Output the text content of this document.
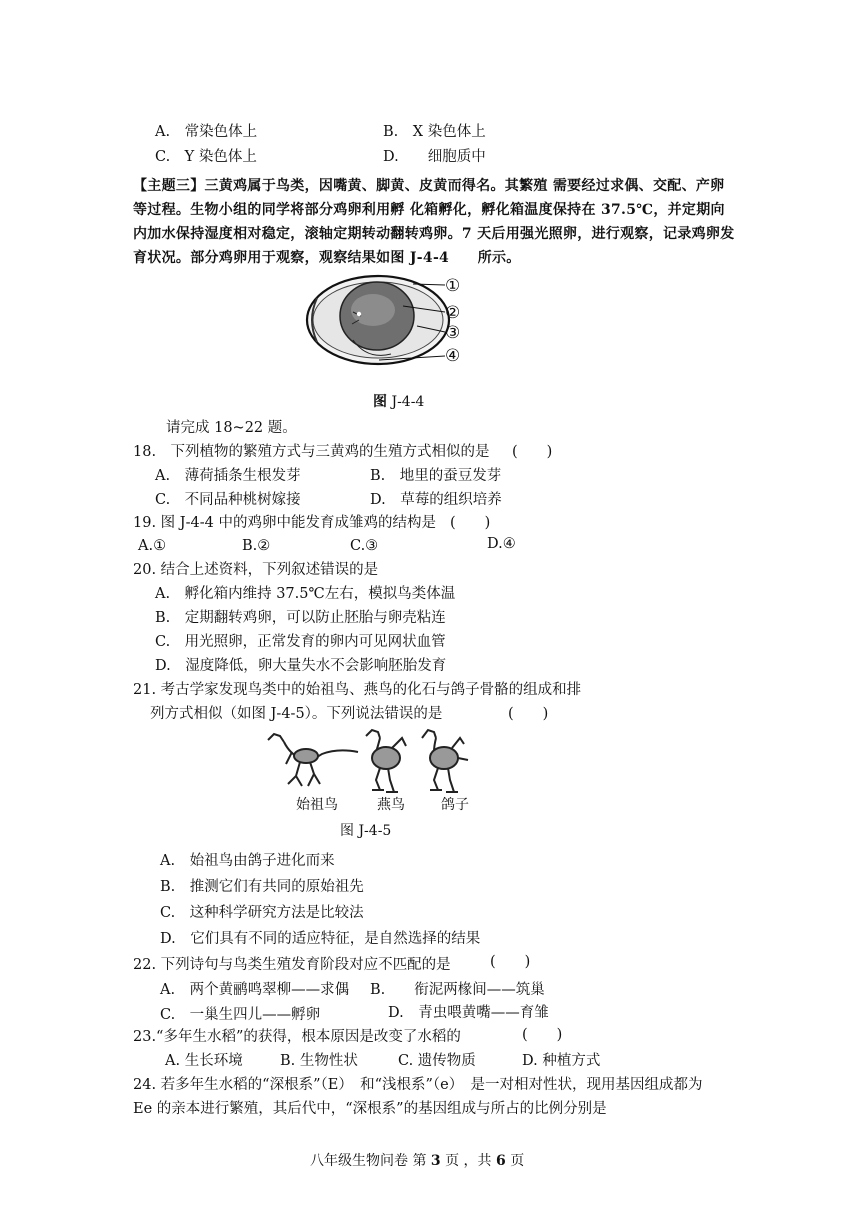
A.　常染色体上	B.　X 染色体上
C.　Y 染色体上	D.　　细胞质中
【主题三】三黄鸡属于鸟类，因嘴黄、脚黄、皮黄而得名。其繁殖 需要经过求偶、交配、产卵等过程。生物小组的同学将部分鸡卵利用孵 化箱孵化，孵化箱温度保持在 37.5℃，并定期向内加水保持湿度相对稳定，滚轴定期转动翻转鸡卵。7 天后用强光照卵，进行观察，记录鸡卵发育状况。部分鸡卵用于观察，观察结果如图 J-4-4　　所示。
①
②
③
④
图 J-4-4
请完成 18~22 题。
18.　下列植物的繁殖方式与三黄鸡的生殖方式相似的是 (　　)
A.　薄荷插条生根发芽	B.　地里的蚕豆发芽
C.　不同品种桃树嫁接	D.　草莓的组织培养
19. 图 J-4-4 中的鸡卵中能发育成雏鸡的结构是 (　　)
A.①	B.②	C.③	D.④
20. 结合上述资料，下列叙述错误的是
A.　孵化箱内维持 37.5℃左右，模拟鸟类体温
B.　定期翻转鸡卵，可以防止胚胎与卵壳粘连
C.　用光照卵，正常发育的卵内可见网状血管
D.　湿度降低，卵大量失水不会影响胚胎发育
21. 考古学家发现鸟类中的始祖鸟、燕鸟的化石与鸽子骨骼的组成和排
列方式相似（如图 J-4-5）。下列说法错误的是	(　　)
始祖鸟	燕鸟	鸽子
图 J-4-5
A.　始祖鸟由鸽子进化而来
B.　推测它们有共同的原始祖先
C.　这种科学研究方法是比较法
D.　它们具有不同的适应特征，是自然选择的结果
22. 下列诗句与鸟类生殖发育阶段对应不匹配的是	(　　)
A.　两个黄鹂鸣翠柳——求偶 B.　　衔泥两椽间——筑巢
C.　一巢生四儿——孵卵	D.　青虫喂黄嘴——育雏
23.“多年生水稻”的获得，根本原因是改变了水稻的	(　　)
A. 生长环境	B. 生物性状	C. 遗传物质	D. 种植方式
24. 若多年生水稻的“深根系”（E）　和“浅根系”（e）　是一对相对性状，现用基因组成都为
Ee 的亲本进行繁殖，其后代中，“深根系”的基因组成与所占的比例分别是
八年级生物问卷 第 3 页 ，共 6 页
